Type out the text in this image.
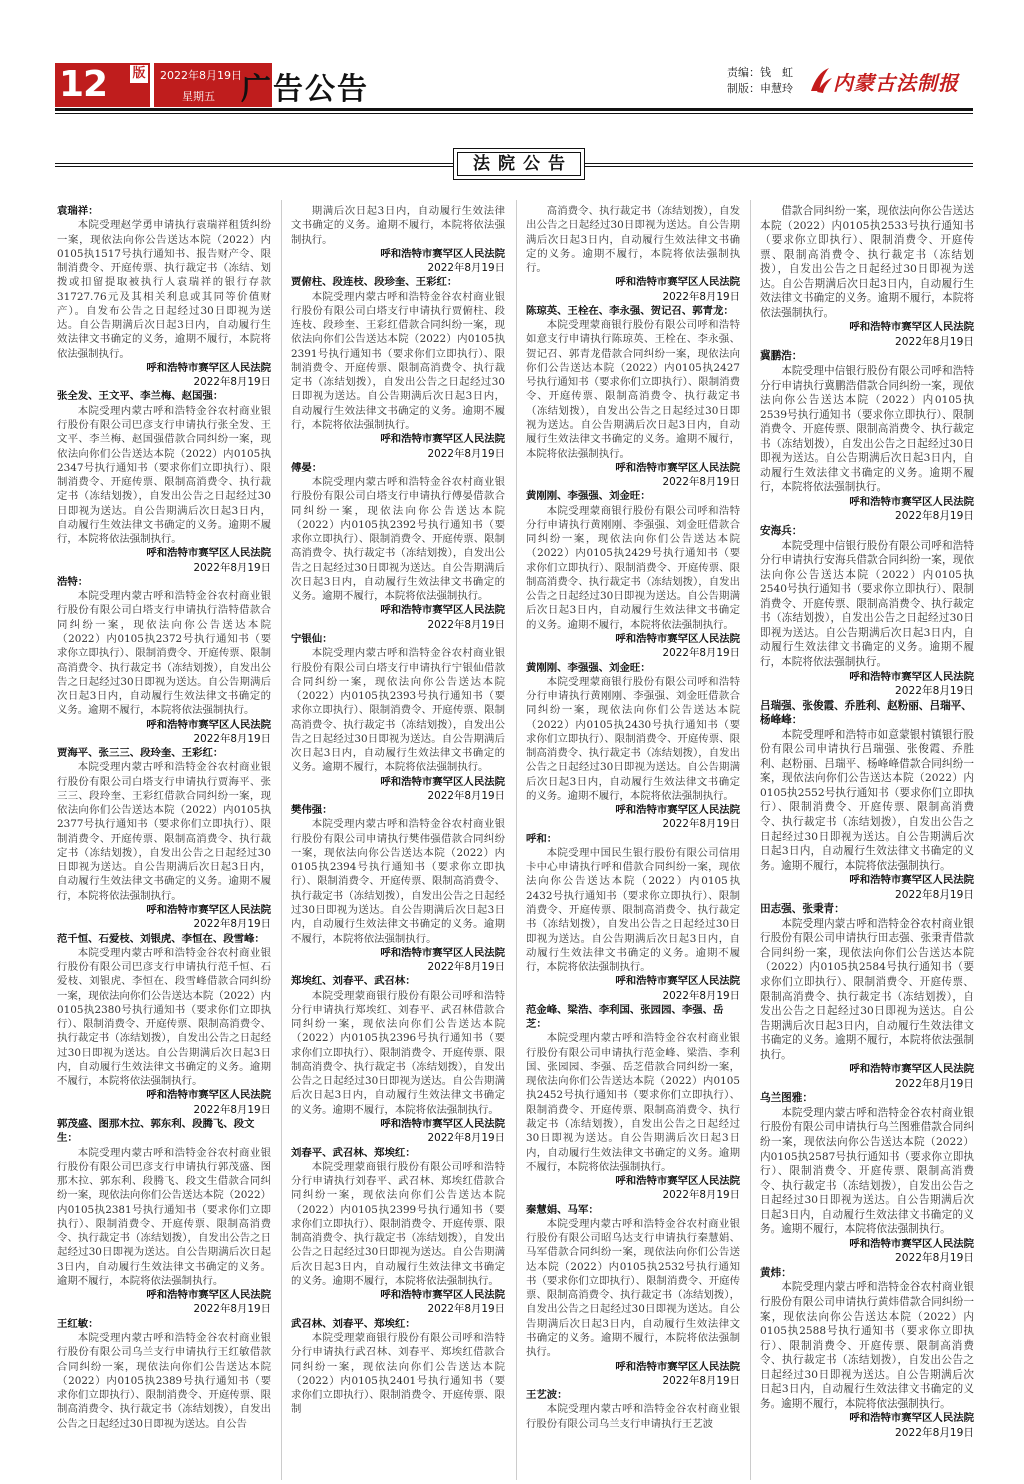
12	版 2022年8月19日
星期五 广告公告	责编：钱　虹
制版：申慧玲 内蒙古法制报
法院公告
袁瑞祥：
本院受理赵学勇申请执行袁瑞祥租赁纠纷一案，现依法向你公告送达本院（2022）内0105执1517号执行通知书、报告财产令、限制消费令、开庭传票、执行裁定书（冻结、划拨或扣留提取被执行人袁瑞祥的银行存款31727.76元及其相关利息或其同等价值财产）。自发布公告之日起经过30日即视为送达。自公告期满后次日起3日内，自动履行生效法律文书确定的义务，逾期不履行，本院将依法强制执行。
呼和浩特市赛罕区人民法院
2022年8月19日
张全发、王文平、李兰梅、赵国强：
本院受理内蒙古呼和浩特金谷农村商业银行股份有限公司巴彦支行申请执行张全发、王文平、李兰梅、赵国强借款合同纠纷一案，现依法向你们公告送达本院（2022）内0105执2347号执行通知书（要求你们立即执行）、限制消费令、开庭传票、限制高消费令、执行裁定书（冻结划拨），自发出公告之日起经过30日即视为送达。自公告期满后次日起3日内，自动履行生效法律文书确定的义务。逾期不履行，本院将依法强制执行。
呼和浩特市赛罕区人民法院
2022年8月19日
浩特：
本院受理内蒙古呼和浩特金谷农村商业银行股份有限公司白塔支行申请执行浩特借款合同纠纷一案，现依法向你公告送达本院（2022）内0105执2372号执行通知书（要求你立即执行）、限制消费令、开庭传票、限制高消费令、执行裁定书（冻结划拨），自发出公告之日起经过30日即视为送达。自公告期满后次日起3日内，自动履行生效法律文书确定的义务。逾期不履行，本院将依法强制执行。
呼和浩特市赛罕区人民法院
2022年8月19日
贾海平、张三三、段玲奎、王彩红：
本院受理内蒙古呼和浩特金谷农村商业银行股份有限公司白塔支行申请执行贾海平、张三三、段玲奎、王彩红借款合同纠纷一案，现依法向你们公告送达本院（2022）内0105执2377号执行通知书（要求你们立即执行）、限制消费令、开庭传票、限制高消费令、执行裁定书（冻结划拨），自发出公告之日起经过30日即视为送达。自公告期满后次日起3日内，自动履行生效法律文书确定的义务。逾期不履行，本院将依法强制执行。
呼和浩特市赛罕区人民法院
2022年8月19日
范千恒、石爱枝、刘银虎、李恒在、段雪峰：
本院受理内蒙古呼和浩特金谷农村商业银行股份有限公司巴彦支行申请执行范千恒、石爱枝、刘银虎、李恒在、段雪峰借款合同纠纷一案，现依法向你们公告送达本院（2022）内0105执2380号执行通知书（要求你们立即执行）、限制消费令、开庭传票、限制高消费令、执行裁定书（冻结划拨），自发出公告之日起经过30日即视为送达。自公告期满后次日起3日内，自动履行生效法律文书确定的义务。逾期不履行，本院将依法强制执行。
呼和浩特市赛罕区人民法院
2022年8月19日
郭茂盛、图那木拉、郭东利、段腾飞、段文生：
本院受理内蒙古呼和浩特金谷农村商业银行股份有限公司巴彦支行申请执行郭茂盛、图那木拉、郭东利、段腾飞、段文生借款合同纠纷一案，现依法向你们公告送达本院（2022）内0105执2381号执行通知书（要求你们立即执行）、限制消费令、开庭传票、限制高消费令、执行裁定书（冻结划拨），自发出公告之日起经过30日即视为送达。自公告期满后次日起3日内，自动履行生效法律文书确定的义务。逾期不履行，本院将依法强制执行。
呼和浩特市赛罕区人民法院
2022年8月19日
王红敏：
本院受理内蒙古呼和浩特金谷农村商业银行股份有限公司乌兰支行申请执行王红敏借款合同纠纷一案，现依法向你们公告送达本院（2022）内0105执2389号执行通知书（要求你们立即执行）、限制消费令、开庭传票、限制高消费令、执行裁定书（冻结划拨），自发出公告之日起经过30日即视为送达。自公告
期满后次日起3日内，自动履行生效法律文书确定的义务。逾期不履行，本院将依法强制执行。
呼和浩特市赛罕区人民法院
2022年8月19日
贾俯柱、段连枝、段珍奎、王彩红：
本院受理内蒙古呼和浩特金谷农村商业银行股份有限公司白塔支行申请执行贾俯柱、段连枝、段珍奎、王彩红借款合同纠纷一案，现依法向你们公告送达本院（2022）内0105执2391号执行通知书（要求你们立即执行）、限制消费令、开庭传票、限制高消费令、执行裁定书（冻结划拨），自发出公告之日起经过30日即视为送达。自公告期满后次日起3日内，自动履行生效法律文书确定的义务。逾期不履行，本院将依法强制执行。
呼和浩特市赛罕区人民法院
2022年8月19日
傅晏：
本院受理内蒙古呼和浩特金谷农村商业银行股份有限公司白塔支行申请执行傅晏借款合同纠纷一案，现依法向你公告送达本院（2022）内0105执2392号执行通知书（要求你立即执行）、限制消费令、开庭传票、限制高消费令、执行裁定书（冻结划拨），自发出公告之日起经过30日即视为送达。自公告期满后次日起3日内，自动履行生效法律文书确定的义务。逾期不履行，本院将依法强制执行。
呼和浩特市赛罕区人民法院
2022年8月19日
宁银仙：
本院受理内蒙古呼和浩特金谷农村商业银行股份有限公司白塔支行申请执行宁银仙借款合同纠纷一案，现依法向你公告送达本院（2022）内0105执2393号执行通知书（要求你立即执行）、限制消费令、开庭传票、限制高消费令、执行裁定书（冻结划拨），自发出公告之日起经过30日即视为送达。自公告期满后次日起3日内，自动履行生效法律文书确定的义务。逾期不履行，本院将依法强制执行。
呼和浩特市赛罕区人民法院
2022年8月19日
樊伟强：
本院受理内蒙古呼和浩特金谷农村商业银行股份有限公司申请执行樊伟强借款合同纠纷一案，现依法向你公告送达本院（2022）内0105执2394号执行通知书（要求你立即执行）、限制消费令、开庭传票、限制高消费令、执行裁定书（冻结划拨），自发出公告之日起经过30日即视为送达。自公告期满后次日起3日内，自动履行生效法律文书确定的义务。逾期不履行，本院将依法强制执行。
呼和浩特市赛罕区人民法院
2022年8月19日
郑埃红、刘春平、武召林：
本院受理蒙商银行股份有限公司呼和浩特分行申请执行郑埃红、刘春平、武召林借款合同纠纷一案，现依法向你们公告送达本院（2022）内0105执2396号执行通知书（要求你们立即执行）、限制消费令、开庭传票、限制高消费令、执行裁定书（冻结划拨），自发出公告之日起经过30日即视为送达。自公告期满后次日起3日内，自动履行生效法律文书确定的义务。逾期不履行，本院将依法强制执行。
呼和浩特市赛罕区人民法院
2022年8月19日
刘春平、武召林、郑埃红：
本院受理蒙商银行股份有限公司呼和浩特分行申请执行刘春平、武召林、郑埃红借款合同纠纷一案，现依法向你们公告送达本院（2022）内0105执2399号执行通知书（要求你们立即执行）、限制消费令、开庭传票、限制高消费令、执行裁定书（冻结划拨），自发出公告之日起经过30日即视为送达。自公告期满后次日起3日内，自动履行生效法律文书确定的义务。逾期不履行，本院将依法强制执行。
呼和浩特市赛罕区人民法院
2022年8月19日
武召林、刘春平、郑埃红：
本院受理蒙商银行股份有限公司呼和浩特分行申请执行武召林、刘春平、郑埃红借款合同纠纷一案，现依法向你们公告送达本院（2022）内0105执2401号执行通知书（要求你们立即执行）、限制消费令、开庭传票、限制
高消费令、执行裁定书（冻结划拨），自发出公告之日起经过30日即视为送达。自公告期满后次日起3日内，自动履行生效法律文书确定的义务。逾期不履行，本院将依法强制执行。
呼和浩特市赛罕区人民法院
2022年8月19日
陈琼英、王栓在、李永强、贺记召、郭青龙：
本院受理蒙商银行股份有限公司呼和浩特如意支行申请执行陈琼英、王栓在、李永强、贺记召、郭青龙借款合同纠纷一案，现依法向你们公告送达本院（2022）内0105执2427号执行通知书（要求你们立即执行）、限制消费令、开庭传票、限制高消费令、执行裁定书（冻结划拨），自发出公告之日起经过30日即视为送达。自公告期满后次日起3日内，自动履行生效法律文书确定的义务。逾期不履行，本院将依法强制执行。
呼和浩特市赛罕区人民法院
2022年8月19日
黄刚刚、李强强、刘金旺：
本院受理蒙商银行股份有限公司呼和浩特分行申请执行黄刚刚、李强强、刘金旺借款合同纠纷一案，现依法向你们公告送达本院（2022）内0105执2429号执行通知书（要求你们立即执行）、限制消费令、开庭传票、限制高消费令、执行裁定书（冻结划拨），自发出公告之日起经过30日即视为送达。自公告期满后次日起3日内，自动履行生效法律文书确定的义务。逾期不履行，本院将依法强制执行。
呼和浩特市赛罕区人民法院
2022年8月19日
黄刚刚、李强强、刘金旺：
本院受理蒙商银行股份有限公司呼和浩特分行申请执行黄刚刚、李强强、刘金旺借款合同纠纷一案，现依法向你们公告送达本院（2022）内0105执2430号执行通知书（要求你们立即执行）、限制消费令、开庭传票、限制高消费令、执行裁定书（冻结划拨），自发出公告之日起经过30日即视为送达。自公告期满后次日起3日内，自动履行生效法律文书确定的义务。逾期不履行，本院将依法强制执行。
呼和浩特市赛罕区人民法院
2022年8月19日
呼和：
本院受理中国民生银行股份有限公司信用卡中心申请执行呼和借款合同纠纷一案，现依法向你公告送达本院（2022）内0105执2432号执行通知书（要求你立即执行）、限制消费令、开庭传票、限制高消费令、执行裁定书（冻结划拨），自发出公告之日起经过30日即视为送达。自公告期满后次日起3日内，自动履行生效法律文书确定的义务。逾期不履行，本院将依法强制执行。
呼和浩特市赛罕区人民法院
2022年8月19日
范金峰、梁浩、李利国、张园园、李强、岳芝：
本院受理内蒙古呼和浩特金谷农村商业银行股份有限公司申请执行范金峰、梁浩、李利国、张园园、李强、岳芝借款合同纠纷一案，现依法向你们公告送达本院（2022）内0105执2452号执行通知书（要求你们立即执行）、限制消费令、开庭传票、限制高消费令、执行裁定书（冻结划拨），自发出公告之日起经过30日即视为送达。自公告期满后次日起3日内，自动履行生效法律文书确定的义务。逾期不履行，本院将依法强制执行。
呼和浩特市赛罕区人民法院
2022年8月19日
秦慧娟、马军：
本院受理内蒙古呼和浩特金谷农村商业银行股份有限公司昭乌达支行申请执行秦慧娟、马军借款合同纠纷一案，现依法向你们公告送达本院（2022）内0105执2532号执行通知书（要求你们立即执行）、限制消费令、开庭传票、限制高消费令、执行裁定书（冻结划拨），自发出公告之日起经过30日即视为送达。自公告期满后次日起3日内，自动履行生效法律文书确定的义务。逾期不履行，本院将依法强制执行。
呼和浩特市赛罕区人民法院
2022年8月19日
王艺波：
本院受理内蒙古呼和浩特金谷农村商业银行股份有限公司乌兰支行申请执行王艺波
借款合同纠纷一案，现依法向你公告送达本院（2022）内0105执2533号执行通知书（要求你立即执行）、限制消费令、开庭传票、限制高消费令、执行裁定书（冻结划拨），自发出公告之日起经过30日即视为送达。自公告期满后次日起3日内，自动履行生效法律文书确定的义务。逾期不履行，本院将依法强制执行。
呼和浩特市赛罕区人民法院
2022年8月19日
冀鹏浩：
本院受理中信银行股份有限公司呼和浩特分行申请执行冀鹏浩借款合同纠纷一案，现依法向你公告送达本院（2022）内0105执2539号执行通知书（要求你立即执行）、限制消费令、开庭传票、限制高消费令、执行裁定书（冻结划拨），自发出公告之日起经过30日即视为送达。自公告期满后次日起3日内，自动履行生效法律文书确定的义务。逾期不履行，本院将依法强制执行。
呼和浩特市赛罕区人民法院
2022年8月19日
安海兵：
本院受理中信银行股份有限公司呼和浩特分行申请执行安海兵借款合同纠纷一案，现依法向你公告送达本院（2022）内0105执2540号执行通知书（要求你立即执行）、限制消费令、开庭传票、限制高消费令、执行裁定书（冻结划拨），自发出公告之日起经过30日即视为送达。自公告期满后次日起3日内，自动履行生效法律文书确定的义务。逾期不履行，本院将依法强制执行。
呼和浩特市赛罕区人民法院
2022年8月19日
吕瑞强、张俊霞、乔胜利、赵粉丽、吕瑞平、杨峰峰：
本院受理呼和浩特市如意蒙银村镇银行股份有限公司申请执行吕瑞强、张俊霞、乔胜利、赵粉丽、吕瑞平、杨峰峰借款合同纠纷一案，现依法向你们公告送达本院（2022）内0105执2552号执行通知书（要求你们立即执行）、限制消费令、开庭传票、限制高消费令、执行裁定书（冻结划拨），自发出公告之日起经过30日即视为送达。自公告期满后次日起3日内，自动履行生效法律文书确定的义务。逾期不履行，本院将依法强制执行。
呼和浩特市赛罕区人民法院
2022年8月19日
田志强、张秉青：
本院受理内蒙古呼和浩特金谷农村商业银行股份有限公司申请执行田志强、张秉青借款合同纠纷一案，现依法向你们公告送达本院（2022）内0105执2584号执行通知书（要求你们立即执行）、限制消费令、开庭传票、限制高消费令、执行裁定书（冻结划拨），自发出公告之日起经过30日即视为送达。自公告期满后次日起3日内，自动履行生效法律文书确定的义务。逾期不履行，本院将依法强制执行。
呼和浩特市赛罕区人民法院
2022年8月19日
乌兰图雅：
本院受理内蒙古呼和浩特金谷农村商业银行股份有限公司申请执行乌兰图雅借款合同纠纷一案，现依法向你公告送达本院（2022）内0105执2587号执行通知书（要求你立即执行）、限制消费令、开庭传票、限制高消费令、执行裁定书（冻结划拨），自发出公告之日起经过30日即视为送达。自公告期满后次日起3日内，自动履行生效法律文书确定的义务。逾期不履行，本院将依法强制执行。
呼和浩特市赛罕区人民法院
2022年8月19日
黄炜：
本院受理内蒙古呼和浩特金谷农村商业银行股份有限公司申请执行黄炜借款合同纠纷一案，现依法向你公告送达本院（2022）内0105执2588号执行通知书（要求你立即执行）、限制消费令、开庭传票、限制高消费令、执行裁定书（冻结划拨），自发出公告之日起经过30日即视为送达。自公告期满后次日起3日内，自动履行生效法律文书确定的义务。逾期不履行，本院将依法强制执行。
呼和浩特市赛罕区人民法院
2022年8月19日
